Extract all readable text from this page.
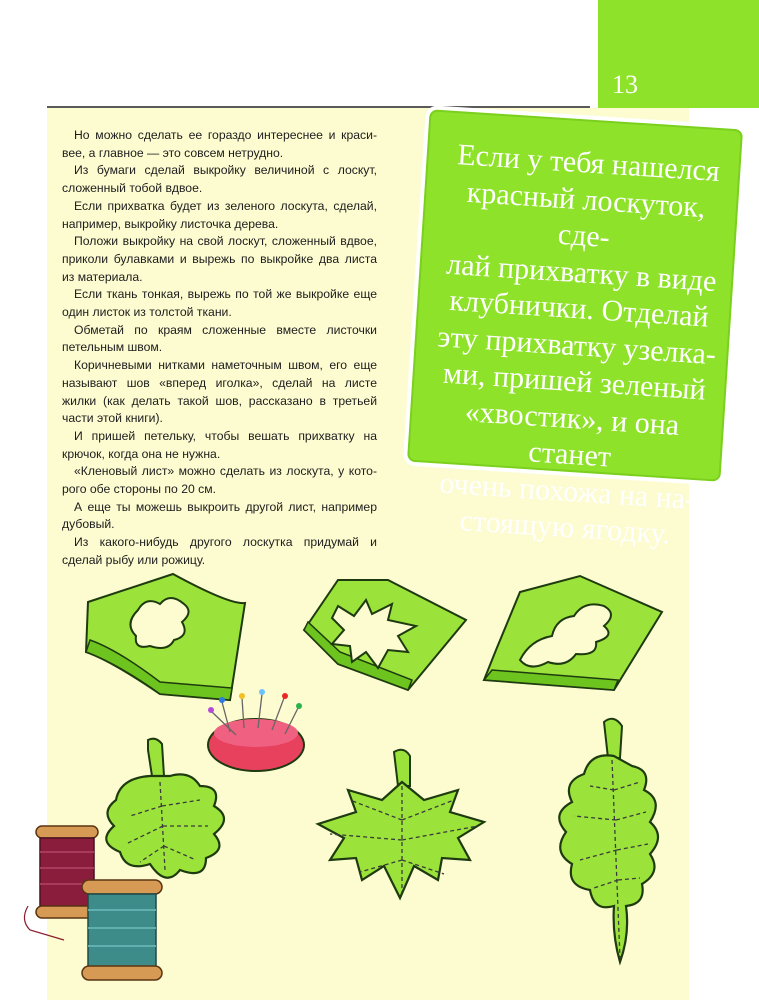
13

Но можно сделать ее гораздо интереснее и красивее, а главное — это совсем нетрудно.

Из бумаги сделай выкройку величиной с лоскут, сложенный тобой вдвое.

Если прихватка будет из зеленого лоскута, сделай, например, выкройку листочка дерева.

Положи выкройку на свой лоскут, сложенный вдвое, приколи булавками и вырежь по выкройке два листа из материала.

Если ткань тонкая, вырежь по той же выкройке еще один листок из толстой ткани.

Обметай по краям сложенные вместе листочки петельным швом.

Коричневыми нитками наметочным швом, его еще называют шов «вперед иголка», сделай на листе жилки (как делать такой шов, рассказано в третьей части этой книги).

И пришей петельку, чтобы вешать прихватку на крючок, когда она не нужна.

«Кленовый лист» можно сделать из лоскута, у которого обе стороны по 20 см.

А еще ты можешь выкроить другой лист, например дубовый.

Из какого-нибудь другого лоскутка придумай и сделай рыбу или рожицу.

Если у тебя нашелся
красный лоскуток, сде-
лай прихватку в виде
клубнички. Отделай
эту прихватку узелка-
ми, пришей зеленый
«хвостик», и она станет
очень похожа на на-
стоящую ягодку.
